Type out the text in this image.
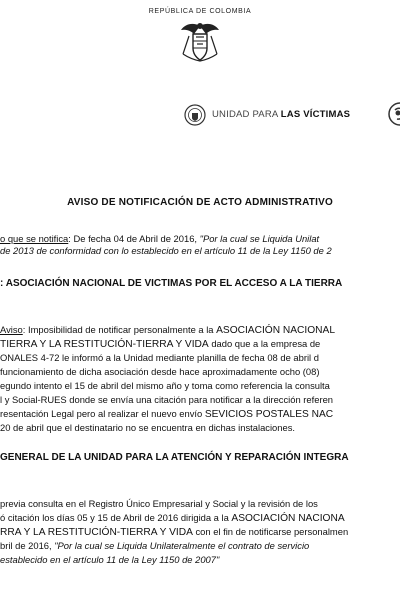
REPÚBLICA DE COLOMBIA
UNIDAD PARA LAS VÍCTIMAS
AVISO DE NOTIFICACIÓN DE ACTO ADMINISTRATIVO
o que se notifica: De fecha 04 de Abril de 2016, "Por la cual se Liquida Unilat
de 2013 de conformidad con lo establecido en el artículo 11 de la Ley 1150 de 2
: ASOCIACIÓN NACIONAL DE VICTIMAS POR EL ACCESO A LA TIERRA
Aviso: Imposibilidad de notificar personalmente a la ASOCIACIÓN NACIONAL
TIERRA Y LA RESTITUCIÓN-TIERRA Y VIDA dado que a la empresa de
ONALES 4-72 le informó a la Unidad mediante planilla de fecha 08 de abril d
funcionamiento de dicha asociación desde hace aproximadamente ocho (08)
egundo intento el 15 de abril del mismo año y toma como referencia la consulta
l y Social-RUES donde se envía una citación para notificar a la dirección referen
resentación Legal pero al realizar el nuevo envío SEVICIOS POSTALES NAC
20 de abril que el destinatario no se encuentra en dichas instalaciones.
GENERAL DE LA UNIDAD PARA LA ATENCIÓN Y REPARACIÓN INTEGRA
previa consulta en el Registro Único Empresarial y Social y la revisión de los
ó citación los días 05 y 15 de Abril de 2016 dirigida a la ASOCIACIÓN NACIONA
RRA Y LA RESTITUCIÓN-TIERRA Y VIDA con el fin de notificarse personalmen
bril de 2016, "Por la cual se Liquida Unilateralmente el contrato de servicio
establecido en el artículo 11 de la Ley 1150 de 2007"
